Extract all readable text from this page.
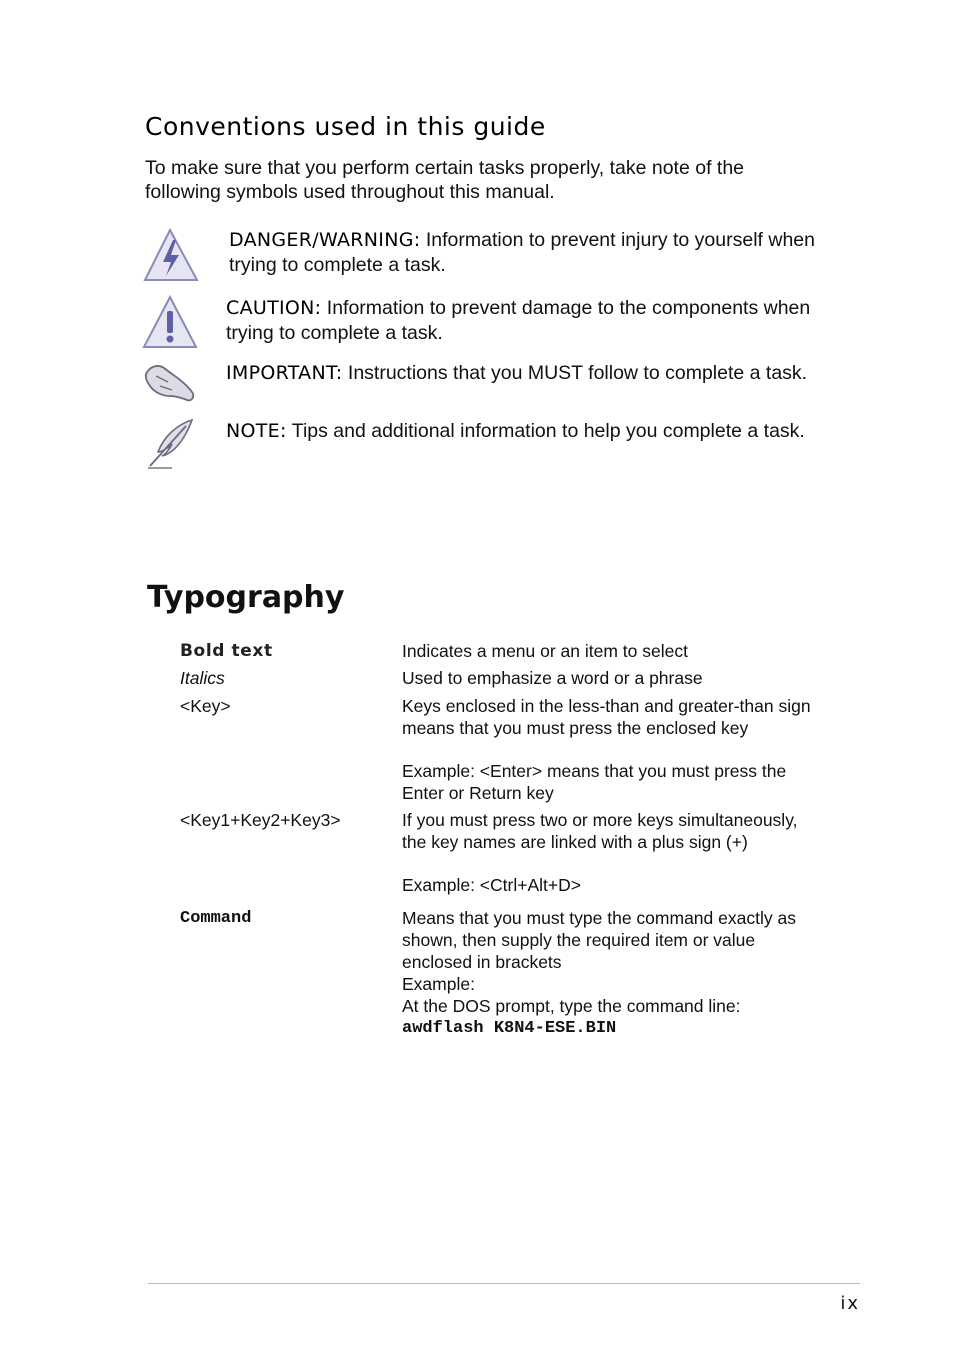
Conventions used in this guide
To make sure that you perform certain tasks properly, take note of the following symbols used throughout this manual.
DANGER/WARNING: Information to prevent injury to yourself when trying to complete a task.
CAUTION: Information to prevent damage to the components when trying to complete a task.
IMPORTANT: Instructions that you MUST follow to complete a task.
NOTE: Tips and additional information to help you complete a task.
Typography
Bold text	Indicates a menu or an item to select
Italics	Used to emphasize a word or a phrase
<Key>	Keys enclosed in the less-than and greater-than sign means that you must press the enclosed key
Example: <Enter> means that you must press the Enter or Return key
<Key1+Key2+Key3>	If you must press two or more keys simultaneously, the key names are linked with a plus sign (+)
Example: <Ctrl+Alt+D>
Command	Means that you must type the command exactly as shown, then supply the required item or value enclosed in brackets
Example:
At the DOS prompt, type the command line:
awdflash K8N4-ESE.BIN
ix
